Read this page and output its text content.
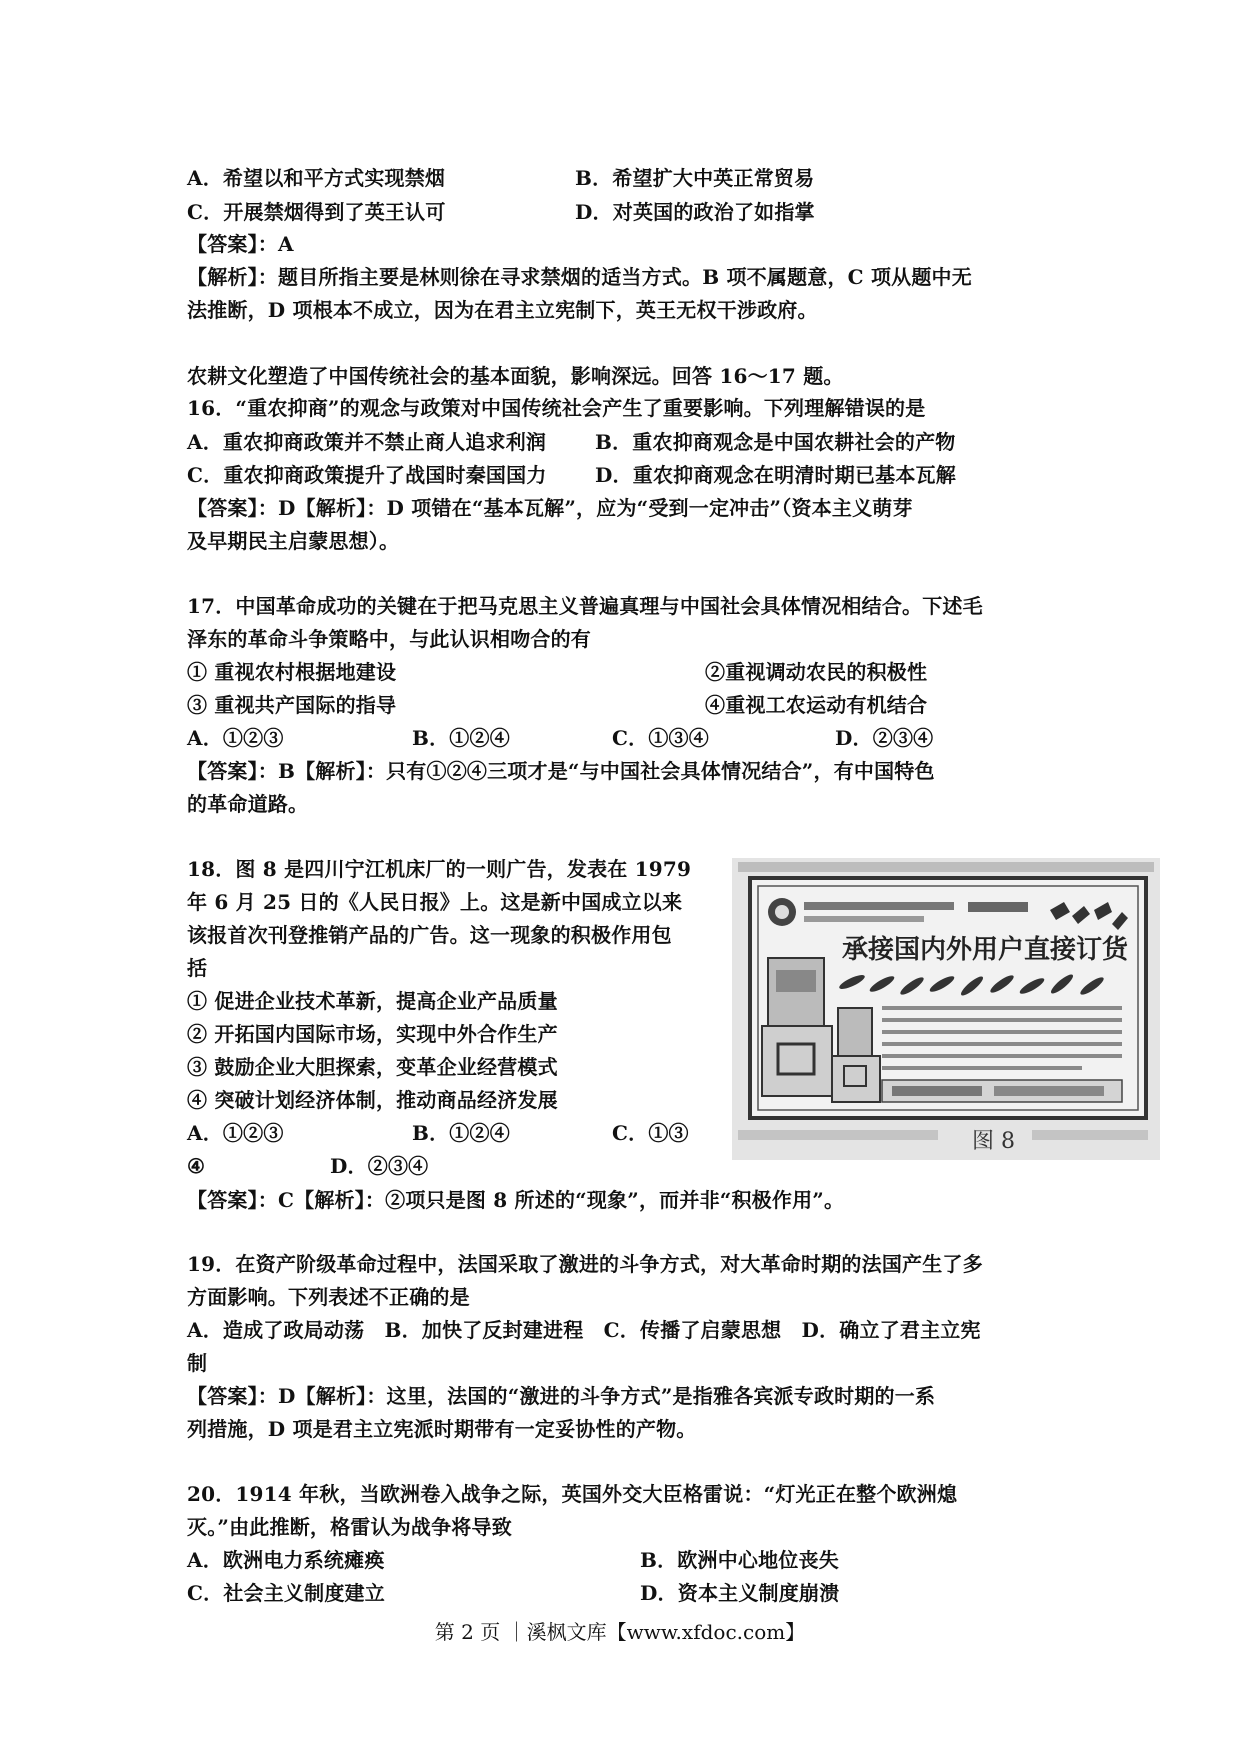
A．希望以和平方式实现禁烟	B．希望扩大中英正常贸易
C．开展禁烟得到了英王认可	D．对英国的政治了如指掌
【答案】：A
【解析】：题目所指主要是林则徐在寻求禁烟的适当方式。B 项不属题意，C 项从题中无
法推断，D 项根本不成立，因为在君主立宪制下，英王无权干涉政府。
农耕文化塑造了中国传统社会的基本面貌，影响深远。回答 16～17 题。
16．“重农抑商”的观念与政策对中国传统社会产生了重要影响。下列理解错误的是
A．重农抑商政策并不禁止商人追求利润 B．重农抑商观念是中国农耕社会的产物
C．重农抑商政策提升了战国时秦国国力 D．重农抑商观念在明清时期已基本瓦解
【答案】：D【解析】：D 项错在“基本瓦解”，应为“受到一定冲击”（资本主义萌芽
及早期民主启蒙思想）。
17．中国革命成功的关键在于把马克思主义普遍真理与中国社会具体情况相结合。下述毛
泽东的革命斗争策略中，与此认识相吻合的有
① 重视农村根据地建设	②重视调动农民的积极性
③ 重视共产国际的指导	④重视工农运动有机结合
A．①②③	B．①②④	C．①③④	D．②③④
【答案】：B【解析】：只有①②④三项才是“与中国社会具体情况结合”，有中国特色
的革命道路。
18．图 8 是四川宁江机床厂的一则广告，发表在 1979
年 6 月 25 日的《人民日报》上。这是新中国成立以来
该报首次刊登推销产品的广告。这一现象的积极作用包
括
① 促进企业技术革新，提高企业产品质量
② 开拓国内国际市场，实现中外合作生产
③ 鼓励企业大胆探索，变革企业经营模式
④ 突破计划经济体制，推动商品经济发展
A．①②③	B．①②④	C．①③
④	D．②③④
【答案】：C【解析】：②项只是图 8 所述的“现象”，而并非“积极作用”。
承接国内外用户直接订货
图 8
19．在资产阶级革命过程中，法国采取了激进的斗争方式，对大革命时期的法国产生了多
方面影响。下列表述不正确的是
A．造成了政局动荡　B．加快了反封建进程　C．传播了启蒙思想　D．确立了君主立宪
制
【答案】：D【解析】：这里，法国的“激进的斗争方式”是指雅各宾派专政时期的一系
列措施，D 项是君主立宪派时期带有一定妥协性的产物。
20．1914 年秋，当欧洲卷入战争之际，英国外交大臣格雷说：“灯光正在整个欧洲熄
灭。”由此推断，格雷认为战争将导致
A．欧洲电力系统瘫痪	B．欧洲中心地位丧失
C．社会主义制度建立	D．资本主义制度崩溃
第 2 页 ｜溪枫文库【www.xfdoc.com】
